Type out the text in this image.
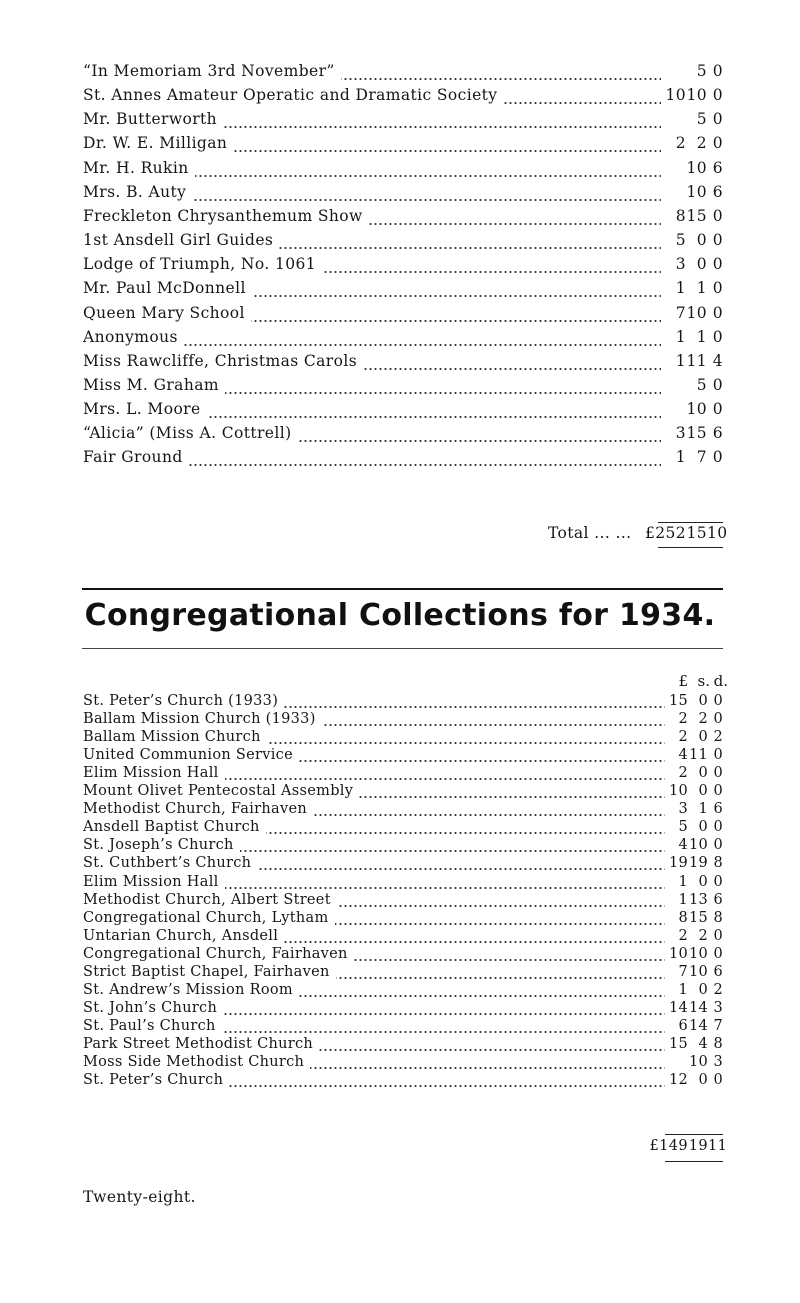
“In Memoriam 3rd November”	5 0
St. Annes Amateur Operatic and Dramatic Society	10 10 0
Mr. Butterworth	5 0
Dr. W. E. Milligan	2 2 0
Mr. H. Rukin	10 6
Mrs. B. Auty	10 6
Freckleton Chrysanthemum Show	8 15 0
1st Ansdell Girl Guides	5 0 0
Lodge of Triumph, No. 1061	3 0 0
Mr. Paul McDonnell	1 1 0
Queen Mary School	7 10 0
Anonymous	1 1 0
Miss Rawcliffe, Christmas Carols	1 11 4
Miss M. Graham	5 0
Mrs. L. Moore	10 0
“Alicia” (Miss A. Cottrell)	3 15 6
Fair Ground	1 7 0
Total ... ... £252 15 10
Congregational Collections for 1934.
£ s. d.
St. Peter’s Church (1933)	15 0 0
Ballam Mission Church (1933)	2 2 0
Ballam Mission Church	2 0 2
United Communion Service	4 11 0
Elim Mission Hall	2 0 0
Mount Olivet Pentecostal Assembly	10 0 0
Methodist Church, Fairhaven	3 1 6
Ansdell Baptist Church	5 0 0
St. Joseph’s Church	4 10 0
St. Cuthbert’s Church	19 19 8
Elim Mission Hall	1 0 0
Methodist Church, Albert Street	1 13 6
Congregational Church, Lytham	8 15 8
Untarian Church, Ansdell	2 2 0
Congregational Church, Fairhaven	10 10 0
Strict Baptist Chapel, Fairhaven	7 10 6
St. Andrew’s Mission Room	1 0 2
St. John’s Church	14 14 3
St. Paul’s Church	6 14 7
Park Street Methodist Church	15 4 8
Moss Side Methodist Church	10 3
St. Peter’s Church	12 0 0
£149 19 11
Twenty-eight.
